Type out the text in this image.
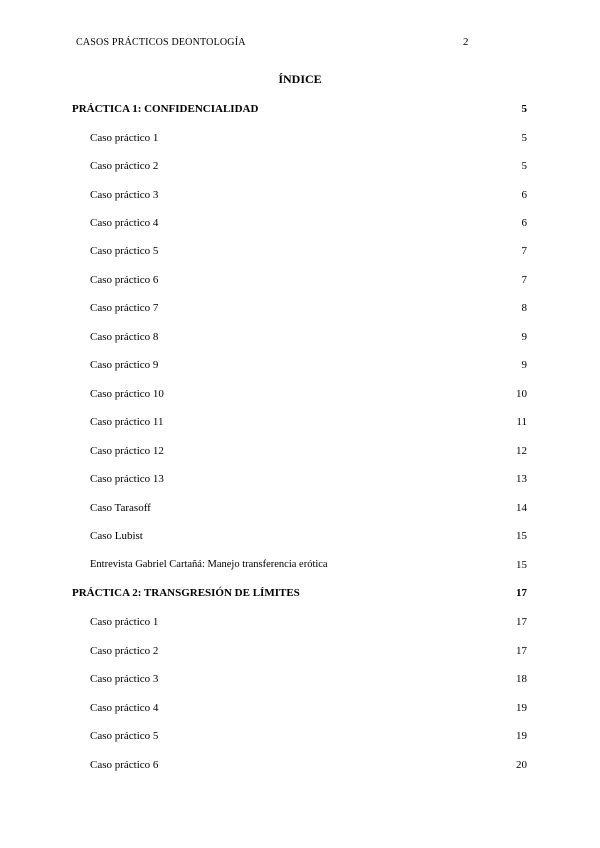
CASOS PRÁCTICOS DEONTOLOGÍA	2
ÍNDICE
PRÁCTICA 1: CONFIDENCIALIDAD	5
Caso práctico 1	5
Caso práctico 2	5
Caso práctico 3	6
Caso práctico 4	6
Caso práctico 5	7
Caso práctico 6	7
Caso práctico 7	8
Caso práctico 8	9
Caso práctico 9	9
Caso práctico 10	10
Caso práctico 11	11
Caso práctico 12	12
Caso práctico 13	13
Caso Tarasoff	14
Caso Lubist	15
Entrevista Gabriel Cartañá: Manejo transferencia erótica	15
PRÁCTICA 2: TRANSGRESIÓN DE LÍMITES	17
Caso práctico 1	17
Caso práctico 2	17
Caso práctico 3	18
Caso práctico 4	19
Caso práctico 5	19
Caso práctico 6	20
